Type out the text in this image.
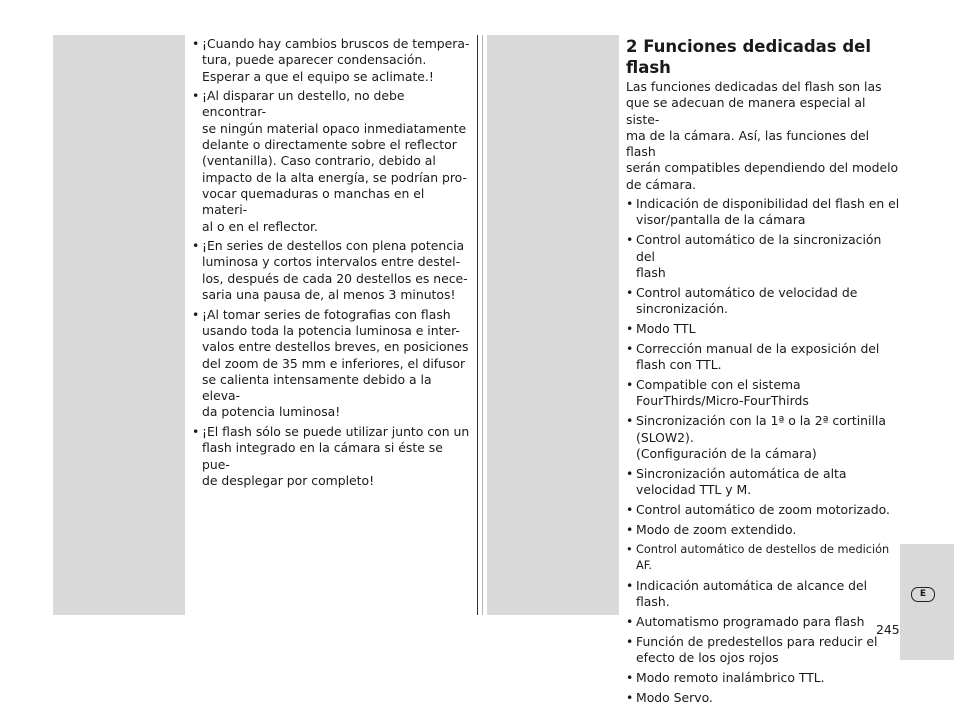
• ¡Cuando hay cambios bruscos de tempera-
tura, puede aparecer condensación.
Esperar a que el equipo se aclimate.!
• ¡Al disparar un destello, no debe encontrar-
se ningún material opaco inmediatamente
delante o directamente sobre el reflector
(ventanilla). Caso contrario, debido al
impacto de la alta energía, se podrían pro-
vocar quemaduras o manchas en el materi-
al o en el reflector.
• ¡En series de destellos con plena potencia
luminosa y cortos intervalos entre destel-
los, después de cada 20 destellos es nece-
saria una pausa de, al menos 3 minutos!
• ¡Al tomar series de fotograﬁas con flash
usando toda la potencia luminosa e inter-
valos entre destellos breves, en posiciones
del zoom de 35 mm e inferiores, el difusor
se calienta intensamente debido a la eleva-
da potencia luminosa!
• ¡El flash sólo se puede utilizar junto con un
flash integrado en la cámara si éste se pue-
de desplegar por completo!
2 Funciones dedicadas del flash

Las funciones dedicadas del flash son las
que se adecuan de manera especial al siste-
ma de la cámara. Así, las funciones del flash
serán compatibles dependiendo del modelo
de cámara.

• Indicación de disponibilidad del flash en el
visor/pantalla de la cámara
• Control automático de la sincronización del
flash
• Control automático de velocidad de
sincronización.
• Modo TTL
• Corrección manual de la exposición del
flash con TTL.
• Compatible con el sistema
FourThirds/Micro-FourThirds
• Sincronización con la 1ª o la 2ª cortinilla
(SLOW2).
(Configuración de la cámara)
• Sincronización automática de alta
velocidad TTL y M.
• Control automático de zoom motorizado.
• Modo de zoom extendido.
• Control automático de destellos de medición AF.
• Indicación automática de alcance del flash.
• Automatismo programado para flash
• Función de predestellos para reducir el
efecto de los ojos rojos
• Modo remoto inalámbrico TTL.
• Modo Servo.
E
245
